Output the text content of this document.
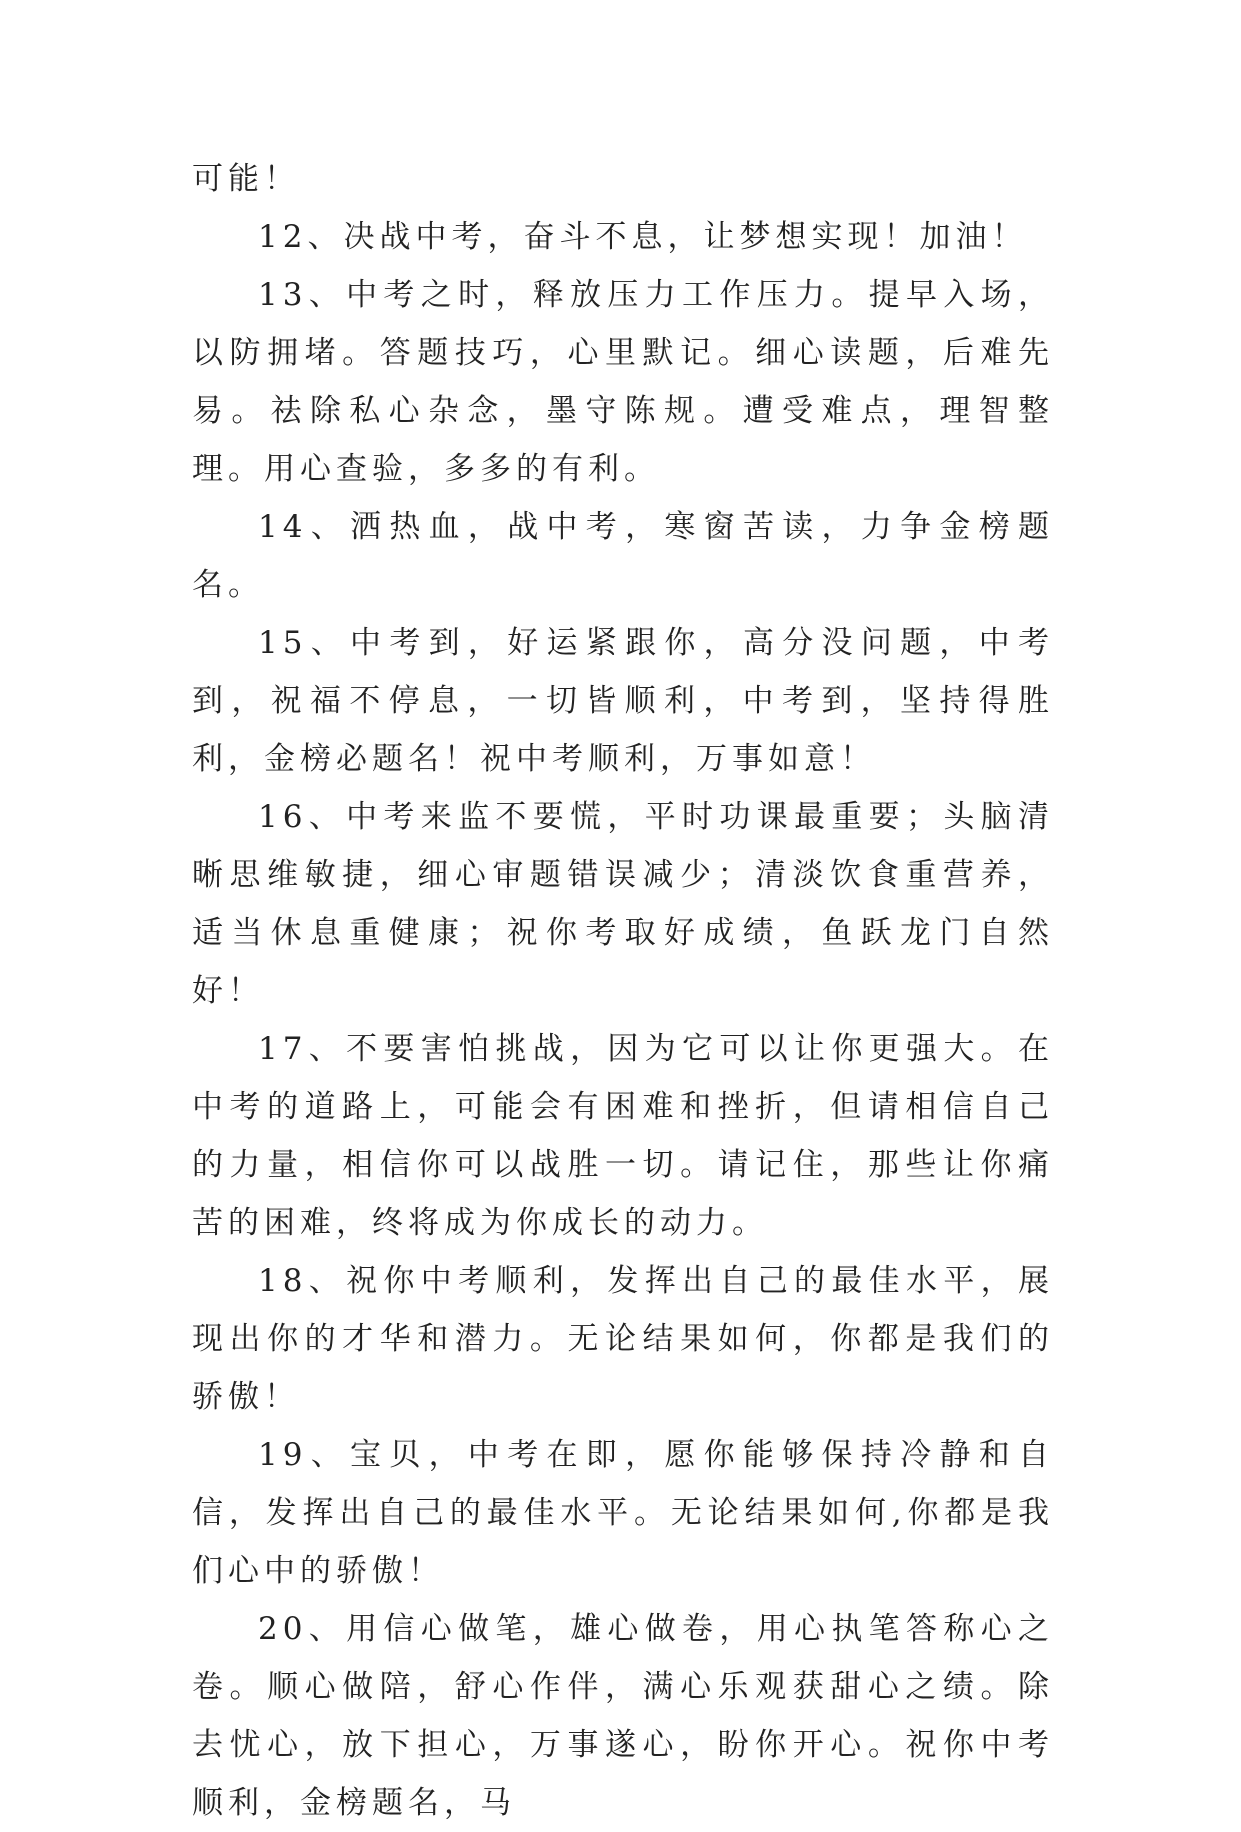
可能！

12、决战中考，奋斗不息，让梦想实现！加油！

13、中考之时，释放压力工作压力。提早入场，以防拥堵。答题技巧，心里默记。细心读题，后难先易。祛除私心杂念，墨守陈规。遭受难点，理智整理。用心查验，多多的有利。

14、洒热血，战中考，寒窗苦读，力争金榜题名。

15、中考到，好运紧跟你，高分没问题，中考到，祝福不停息，一切皆顺利，中考到，坚持得胜利，金榜必题名！祝中考顺利，万事如意！

16、中考来监不要慌，平时功课最重要；头脑清晰思维敏捷，细心审题错误减少；清淡饮食重营养，适当休息重健康；祝你考取好成绩，鱼跃龙门自然好！

17、不要害怕挑战，因为它可以让你更强大。在中考的道路上，可能会有困难和挫折，但请相信自己的力量，相信你可以战胜一切。请记住，那些让你痛苦的困难，终将成为你成长的动力。

18、祝你中考顺利，发挥出自己的最佳水平，展现出你的才华和潜力。无论结果如何，你都是我们的骄傲！

19、宝贝，中考在即，愿你能够保持冷静和自信，发挥出自己的最佳水平。无论结果如何,你都是我们心中的骄傲！

20、用信心做笔，雄心做卷，用心执笔答称心之卷。顺心做陪，舒心作伴，满心乐观获甜心之绩。除去忧心，放下担心，万事遂心，盼你开心。祝你中考顺利，金榜题名，马
